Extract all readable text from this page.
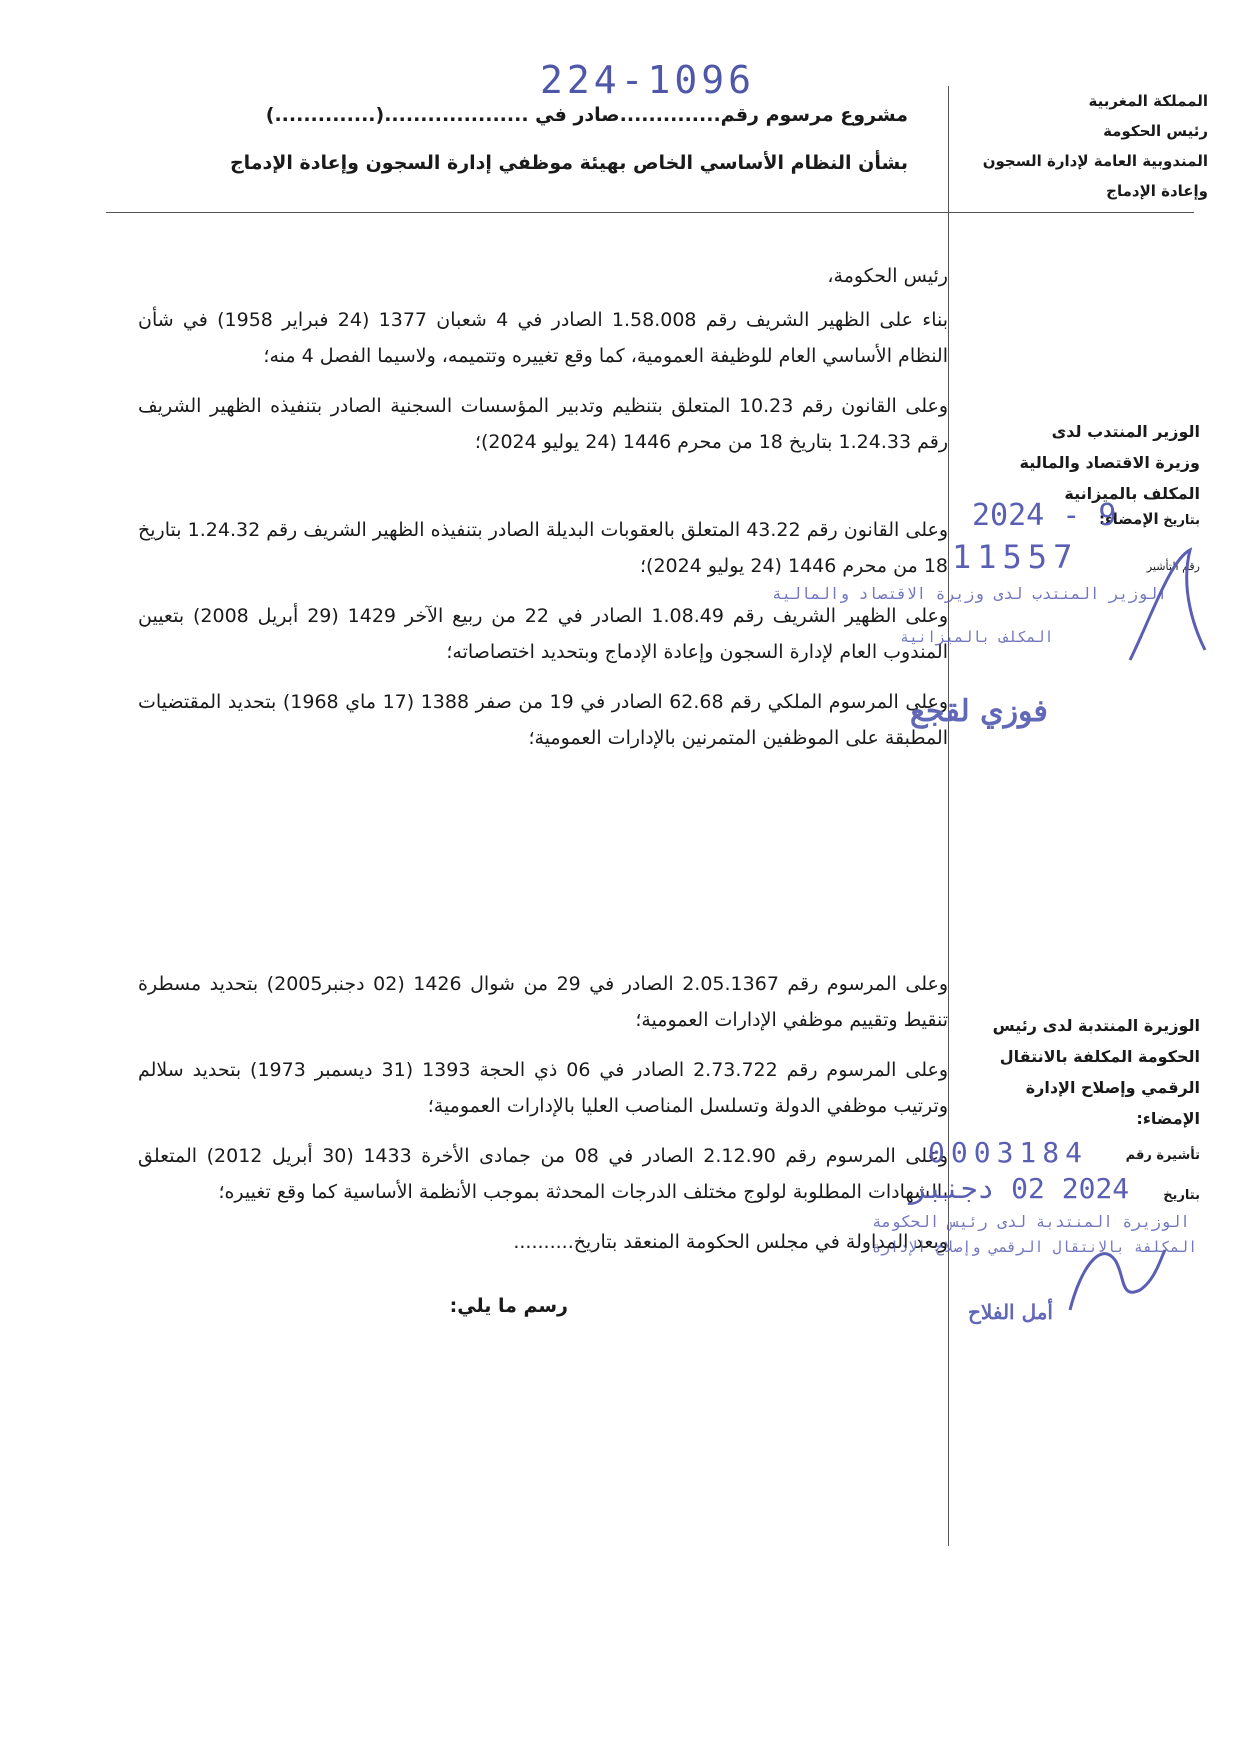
المملكة المغربية
رئيس الحكومة
المندوبية العامة لإدارة السجون
وإعادة الإدماج
224-1096
مشروع مرسوم رقم..............صادر في ....................(..............)
بشأن النظام الأساسي الخاص بهيئة موظفي إدارة السجون وإعادة الإدماج

رئيس الحكومة،

بناء على الظهير الشريف رقم 1.58.008 الصادر في 4 شعبان 1377 (24 فبراير 1958) في شأن النظام الأساسي العام للوظيفة العمومية، كما وقع تغييره وتتميمه، ولاسيما الفصل 4 منه؛

وعلى القانون رقم 10.23 المتعلق بتنظيم وتدبير المؤسسات السجنية الصادر بتنفيذه الظهير الشريف رقم 1.24.33 بتاريخ 18 من محرم 1446 (24 يوليو 2024)؛

وعلى القانون رقم 43.22 المتعلق بالعقوبات البديلة الصادر بتنفيذه الظهير الشريف رقم 1.24.32 بتاريخ 18 من محرم 1446 (24 يوليو 2024)؛

وعلى الظهير الشريف رقم 1.08.49 الصادر في 22 من ربيع الآخر 1429 (29 أبريل 2008) بتعيين المندوب العام لإدارة السجون وإعادة الإدماج وبتحديد اختصاصاته؛

وعلى المرسوم الملكي رقم 62.68 الصادر في 19 من صفر 1388 (17 ماي 1968) بتحديد المقتضيات المطبقة على الموظفين المتمرنين بالإدارات العمومية؛

وعلى المرسوم رقم 2.05.1367 الصادر في 29 من شوال 1426 (02 دجنبر2005) بتحديد مسطرة تنقيط وتقييم موظفي الإدارات العمومية؛

وعلى المرسوم رقم 2.73.722 الصادر في 06 ذي الحجة 1393 (31 ديسمبر 1973) بتحديد سلالم وترتيب موظفي الدولة وتسلسل المناصب العليا بالإدارات العمومية؛

وعلى المرسوم رقم 2.12.90 الصادر في 08 من جمادى الأخرة 1433 (30 أبريل 2012) المتعلق بالشهادات المطلوبة لولوج مختلف الدرجات المحدثة بموجب الأنظمة الأساسية كما وقع تغييره؛

وبعد المداولة في مجلس الحكومة المنعقد بتاريخ..........

رسم ما يلي:

الوزير المنتدب لدى
وزيرة الاقتصاد والمالية
المكلف بالميزانية
بتاريخ الإمضاء:
2024 - 9
رقم التأشير
11557
الوزير المنتدب لدى وزيرة الاقتصاد والمالية
المكلف بالميزانية
فوزي لقجع
الوزيرة المنتدبة لدى رئيس
الحكومة المكلفة بالانتقال
الرقمي وإصلاح الإدارة
الإمضاء:
تأشيرة رقم
0003184
بتاريخ
2024 02 دجنبر
الوزيرة المنتدبة لدى رئيس الحكومة
المكلفة بالانتقال الرقمي وإصلاح الإدارة
أمل الفلاح
